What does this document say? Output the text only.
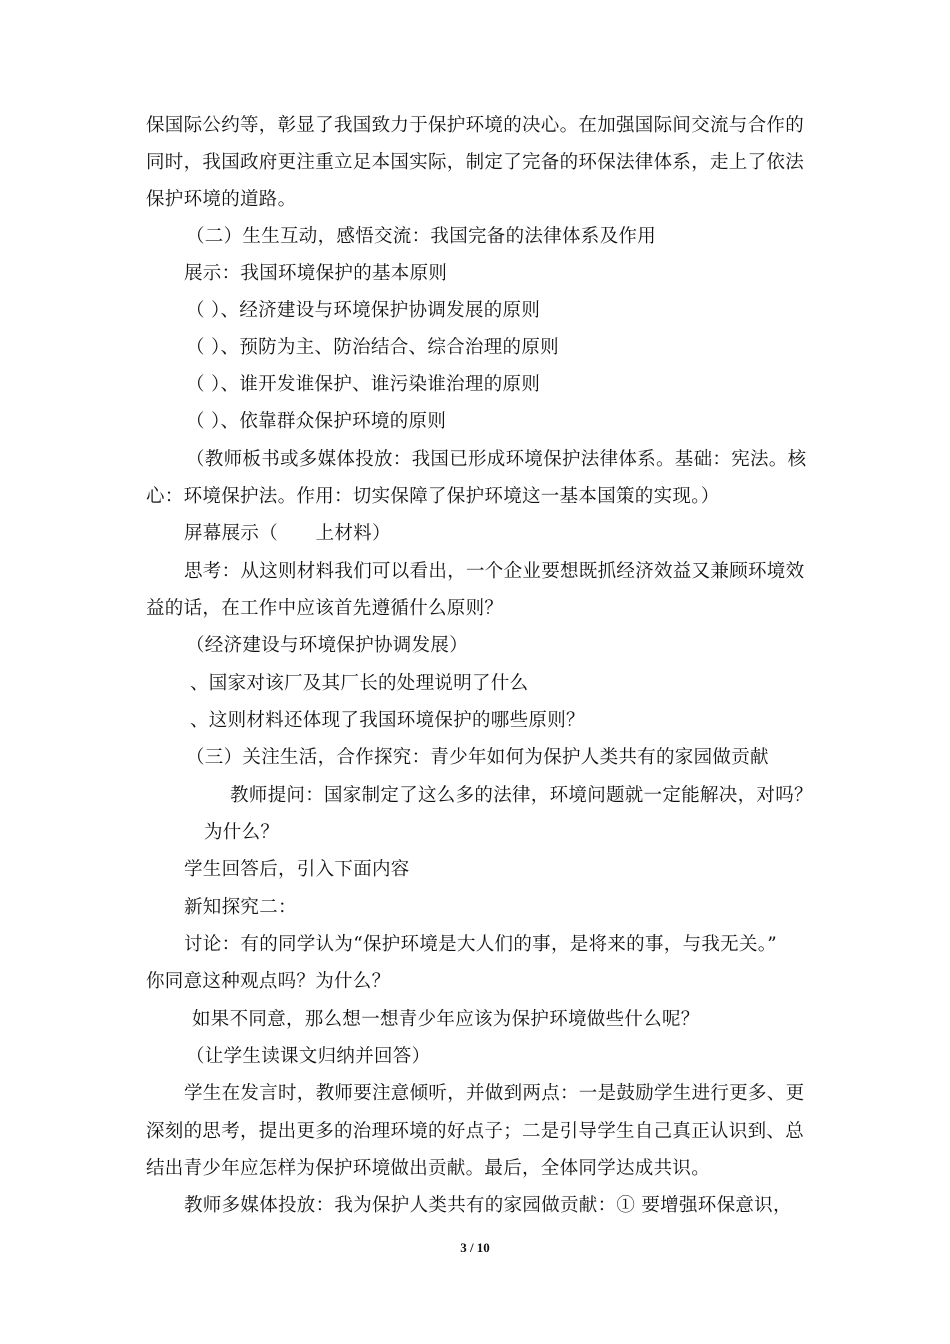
保国际公约等，彰显了我国致力于保护环境的决心。在加强国际间交流与合作的
同时，我国政府更注重立足本国实际，制定了完备的环保法律体系，走上了依法
保护环境的道路。
（二）生生互动，感悟交流：我国完备的法律体系及作用
展示：我国环境保护的基本原则
（ ）、经济建设与环境保护协调发展的原则
（ ）、预防为主、防治结合、综合治理的原则
（ ）、谁开发谁保护、谁污染谁治理的原则
（ ）、依靠群众保护环境的原则
（教师板书或多媒体投放：我国已形成环境保护法律体系。基础：宪法。核
心：环境保护法。作用：切实保障了保护环境这一基本国策的实现。）
屏幕展示（　　上材料）
思考：从这则材料我们可以看出，一个企业要想既抓经济效益又兼顾环境效
益的话，在工作中应该首先遵循什么原则？
（经济建设与环境保护协调发展）
、国家对该厂及其厂长的处理说明了什么
、这则材料还体现了我国环境保护的哪些原则？
（三）关注生活，合作探究：青少年如何为保护人类共有的家园做贡献
教师提问：国家制定了这么多的法律，环境问题就一定能解决，对吗？
为什么？
学生回答后，引入下面内容
新知探究二：
讨论：有的同学认为“保护环境是大人们的事，是将来的事，与我无关。”
你同意这种观点吗？为什么？
如果不同意，那么想一想青少年应该为保护环境做些什么呢？
（让学生读课文归纳并回答）
学生在发言时，教师要注意倾听，并做到两点：一是鼓励学生进行更多、更
深刻的思考，提出更多的治理环境的好点子；二是引导学生自己真正认识到、总
结出青少年应怎样为保护环境做出贡献。最后，全体同学达成共识。
教师多媒体投放：我为保护人类共有的家园做贡献：① 要增强环保意识，
3 / 10
